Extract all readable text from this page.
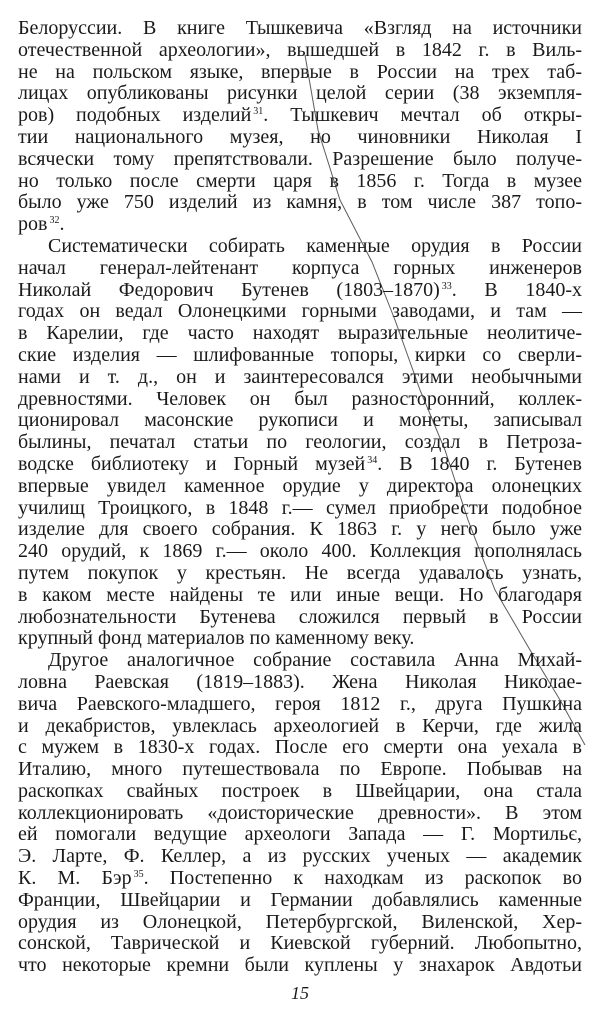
Белоруссии. В книге Тышкевича «Взгляд на источники
отечественной археологии», вышедшей в 1842 г. в Виль-
не на польском языке, впервые в России на трех таб-
лицах опубликованы рисунки целой серии (38 экземпля-
ров) подобных изделий $^{31}$. Тышкевич мечтал об откры-
тии национального музея, но чиновники Николая I
всячески тому препятствовали. Разрешение было получе-
но только после смерти царя в 1856 г. Тогда в музее
было уже 750 изделий из камня, в том числе 387 топо-
ров $^{32}$.
Систематически собирать каменные орудия в России
начал генерал-лейтенант корпуса горных инженеров
Николай Федорович Бутенев (1803–1870) $^{33}$. В 1840-х
годах он ведал Олонецкими горными заводами, и там —
в Карелии, где часто находят выразительные неолитиче-
ские изделия — шлифованные топоры, кирки со сверли-
нами и т. д., он и заинтересовался этими необычными
древностями. Человек он был разносторонний, коллек-
ционировал масонские рукописи и монеты, записывал
былины, печатал статьи по геологии, создал в Петроза-
водске библиотеку и Горный музей $^{34}$. В 1840 г. Бутенев
впервые увидел каменное орудие у директора олонецких
училищ Троицкого, в 1848 г.— сумел приобрести подобное
изделие для своего собрания. К 1863 г. у него было уже
240 орудий, к 1869 г.— около 400. Коллекция пополнялась
путем покупок у крестьян. Не всегда удавалось узнать,
в каком месте найдены те или иные вещи. Но благодаря
любознательности Бутенева сложился первый в России
крупный фонд материалов по каменному веку.
Другое аналогичное собрание составила Анна Михай-
ловна Раевская (1819–1883). Жена Николая Николае-
вича Раевского-младшего, героя 1812 г., друга Пушкина
и декабристов, увлеклась археологией в Керчи, где жила
с мужем в 1830-х годах. После его смерти она уехала в
Италию, много путешествовала по Европе. Побывав на
раскопках свайных построек в Швейцарии, она стала
коллекционировать «доисторические древности». В этом
ей помогали ведущие археологи Запада — Г. Мортильє,
Э. Ларте, Ф. Келлер, а из русских ученых — академик
К. М. Бэр $^{35}$. Постепенно к находкам из раскопок во
Франции, Швейцарии и Германии добавлялись каменные
орудия из Олонецкой, Петербургской, Виленской, Хер-
сонской, Таврической и Киевской губерний. Любопытно,
что некоторые кремни были куплены у знахарок Авдотьи
15
